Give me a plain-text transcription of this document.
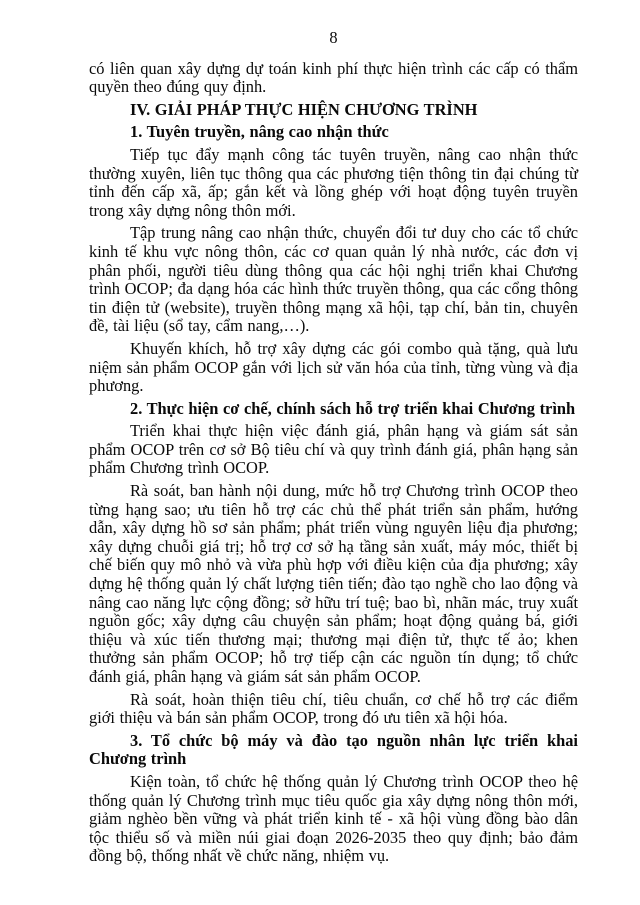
8

có liên quan xây dựng dự toán kinh phí thực hiện trình các cấp có thẩm quyền theo đúng quy định.

IV. GIẢI PHÁP THỰC HIỆN CHƯƠNG TRÌNH

1. Tuyên truyền, nâng cao nhận thức

Tiếp tục đẩy mạnh công tác tuyên truyền, nâng cao nhận thức thường xuyên, liên tục thông qua các phương tiện thông tin đại chúng từ tỉnh đến cấp xã, ấp; gắn kết và lồng ghép với hoạt động tuyên truyền trong xây dựng nông thôn mới.

Tập trung nâng cao nhận thức, chuyển đổi tư duy cho các tổ chức kinh tế khu vực nông thôn, các cơ quan quản lý nhà nước, các đơn vị phân phối, người tiêu dùng thông qua các hội nghị triển khai Chương trình OCOP; đa dạng hóa các hình thức truyền thông, qua các cổng thông tin điện tử (website), truyền thông mạng xã hội, tạp chí, bản tin, chuyên đề, tài liệu (sổ tay, cẩm nang,…).

Khuyến khích, hỗ trợ xây dựng các gói combo quà tặng, quà lưu niệm sản phẩm OCOP gắn với lịch sử văn hóa của tỉnh, từng vùng và địa phương.

2. Thực hiện cơ chế, chính sách hỗ trợ triển khai Chương trình

Triển khai thực hiện việc đánh giá, phân hạng và giám sát sản phẩm OCOP trên cơ sở Bộ tiêu chí và quy trình đánh giá, phân hạng sản phẩm Chương trình OCOP.

Rà soát, ban hành nội dung, mức hỗ trợ Chương trình OCOP theo từng hạng sao; ưu tiên hỗ trợ các chủ thể phát triển sản phẩm, hướng dẫn, xây dựng hồ sơ sản phẩm; phát triển vùng nguyên liệu địa phương; xây dựng chuỗi giá trị; hỗ trợ cơ sở hạ tầng sản xuất, máy móc, thiết bị chế biến quy mô nhỏ và vừa phù hợp với điều kiện của địa phương; xây dựng hệ thống quản lý chất lượng tiên tiến; đào tạo nghề cho lao động và nâng cao năng lực cộng đồng; sở hữu trí tuệ; bao bì, nhãn mác, truy xuất nguồn gốc; xây dựng câu chuyện sản phẩm; hoạt động quảng bá, giới thiệu và xúc tiến thương mại; thương mại điện tử, thực tế ảo; khen thưởng sản phẩm OCOP; hỗ trợ tiếp cận các nguồn tín dụng; tổ chức đánh giá, phân hạng và giám sát sản phẩm OCOP.

Rà soát, hoàn thiện tiêu chí, tiêu chuẩn, cơ chế hỗ trợ các điểm giới thiệu và bán sản phẩm OCOP, trong đó ưu tiên xã hội hóa.

3. Tổ chức bộ máy và đào tạo nguồn nhân lực triển khai Chương trình

Kiện toàn, tổ chức hệ thống quản lý Chương trình OCOP theo hệ thống quản lý Chương trình mục tiêu quốc gia xây dựng nông thôn mới, giảm nghèo bền vững và phát triển kinh tế - xã hội vùng đồng bào dân tộc thiểu số và miền núi giai đoạn 2026-2035 theo quy định; bảo đảm đồng bộ, thống nhất về chức năng, nhiệm vụ.
